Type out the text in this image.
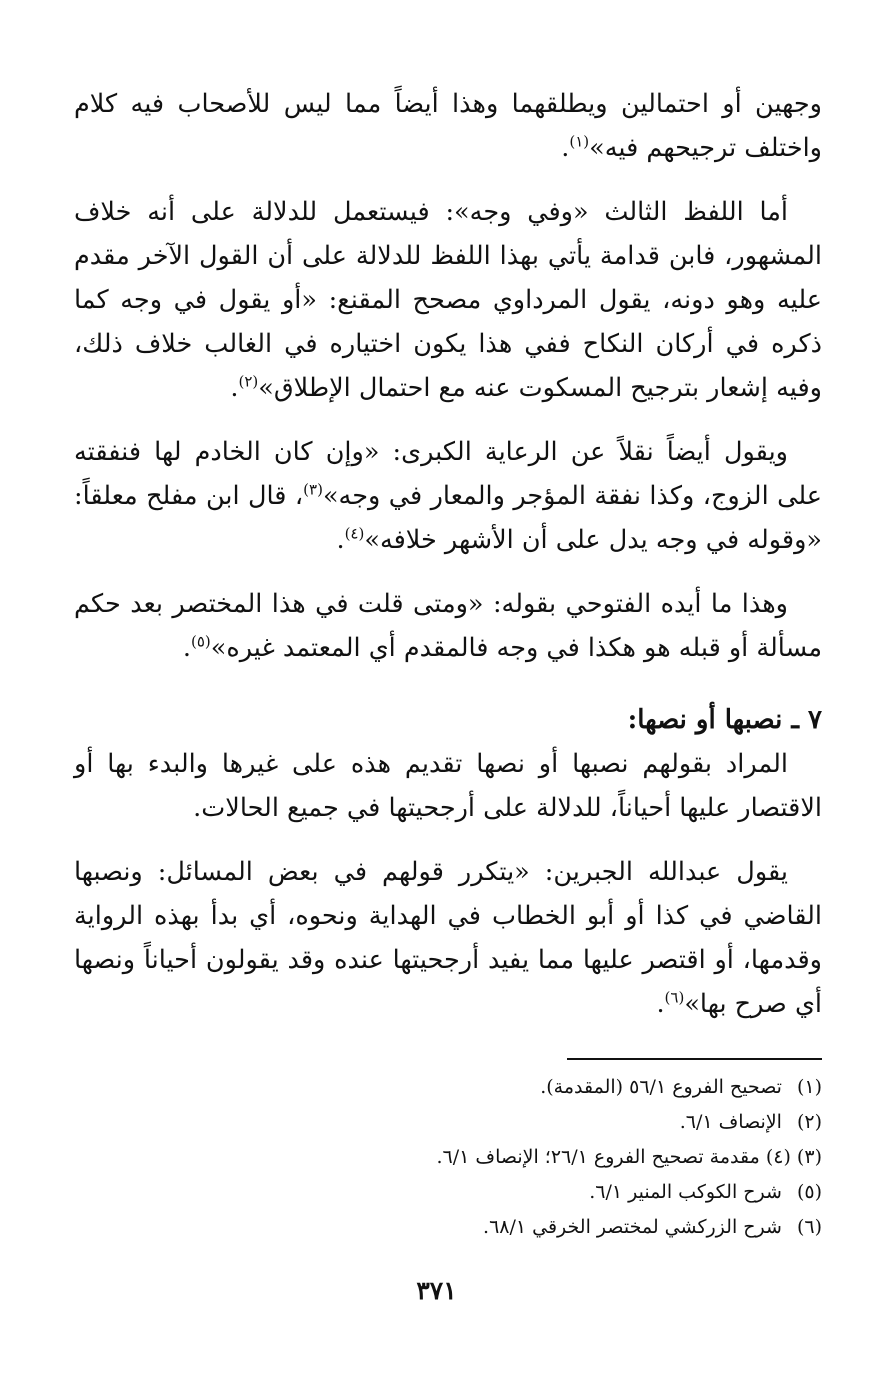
وجهين أو احتمالين ويطلقهما وهذا أيضاً مما ليس للأصحاب فيه كلام واختلف ترجيحهم فيه»$^{(١)}$.

أما اللفظ الثالث «وفي وجه»: فيستعمل للدلالة على أنه خلاف المشهور، فابن قدامة يأتي بهذا اللفظ للدلالة على أن القول الآخر مقدم عليه وهو دونه، يقول المرداوي مصحح المقنع: «أو يقول في وجه كما ذكره في أركان النكاح ففي هذا يكون اختياره في الغالب خلاف ذلك، وفيه إشعار بترجيح المسكوت عنه مع احتمال الإطلاق»$^{(٢)}$.

ويقول أيضاً نقلاً عن الرعاية الكبرى: «وإن كان الخادم لها فنفقته على الزوج، وكذا نفقة المؤجر والمعار في وجه»$^{(٣)}$، قال ابن مفلح معلقاً: «وقوله في وجه يدل على أن الأشهر خلافه»$^{(٤)}$.

وهذا ما أيده الفتوحي بقوله: «ومتى قلت في هذا المختصر بعد حكم مسألة أو قبله هو هكذا في وجه فالمقدم أي المعتمد غيره»$^{(٥)}$.

٧ ـ نصبها أو نصها:

المراد بقولهم نصبها أو نصها تقديم هذه على غيرها والبدء بها أو الاقتصار عليها أحياناً، للدلالة على أرجحيتها في جميع الحالات.

يقول عبدالله الجبرين: «يتكرر قولهم في بعض المسائل: ونصبها القاضي في كذا أو أبو الخطاب في الهداية ونحوه، أي بدأ بهذه الرواية وقدمها، أو اقتصر عليها مما يفيد أرجحيتها عنده وقد يقولون أحياناً ونصها أي صرح بها»$^{(٦)}$.

(١) تصحيح الفروع ٥٦/١ (المقدمة).
(٢) الإنصاف ٦/١.
(٣) (٤) مقدمة تصحيح الفروع ٢٦/١؛ الإنصاف ٦/١.
(٥) شرح الكوكب المنير ٦/١.
(٦) شرح الزركشي لمختصر الخرقي ٦٨/١.
٣٧١
